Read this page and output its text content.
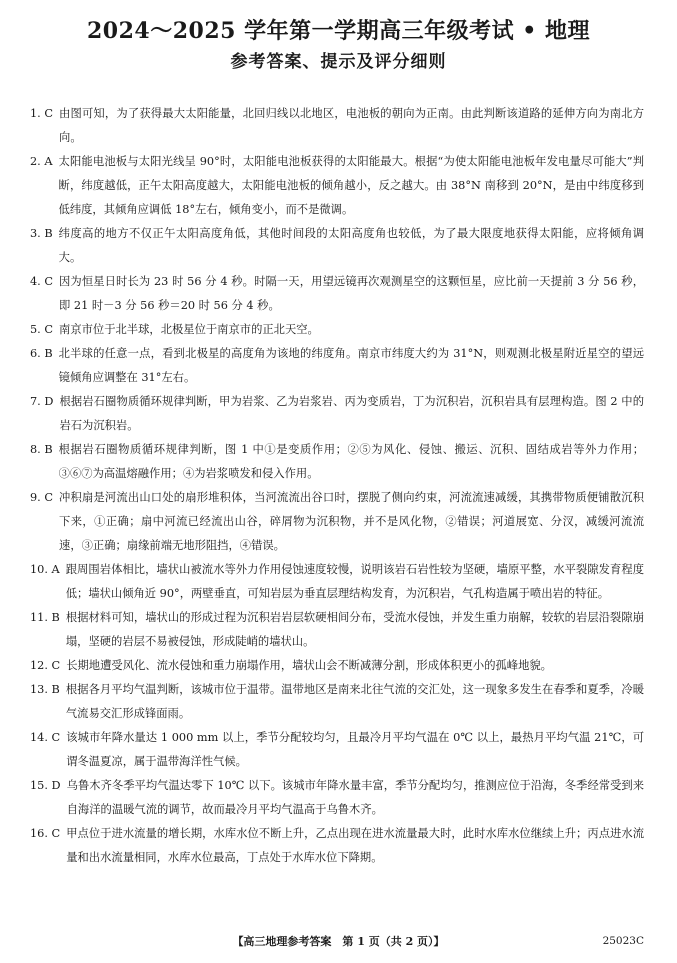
2024～2025 学年第一学期高三年级考试 • 地理
参考答案、提示及评分细则
1. C 由图可知，为了获得最大太阳能量，北回归线以北地区，电池板的朝向为正南。由此判断该道路的延伸方向为南北方向。
2. A 太阳能电池板与太阳光线呈 90°时，太阳能电池板获得的太阳能最大。根据“为使太阳能电池板年发电量尽可能大”判断，纬度越低，正午太阳高度越大，太阳能电池板的倾角越小，反之越大。由 38°N 南移到 20°N，是由中纬度移到低纬度，其倾角应调低 18°左右，倾角变小，而不是微调。
3. B 纬度高的地方不仅正午太阳高度角低，其他时间段的太阳高度角也较低，为了最大限度地获得太阳能，应将倾角调大。
4. C 因为恒星日时长为 23 时 56 分 4 秒。时隔一天，用望远镜再次观测星空的这颗恒星，应比前一天提前 3 分 56 秒，即 21 时－3 分 56 秒＝20 时 56 分 4 秒。
5. C 南京市位于北半球，北极星位于南京市的正北天空。
6. B 北半球的任意一点，看到北极星的高度角为该地的纬度角。南京市纬度大约为 31°N，则观测北极星附近星空的望远镜倾角应调整在 31°左右。
7. D 根据岩石圈物质循环规律判断，甲为岩浆、乙为岩浆岩、丙为变质岩，丁为沉积岩，沉积岩具有层理构造。图 2 中的岩石为沉积岩。
8. B 根据岩石圈物质循环规律判断，图 1 中①是变质作用；②⑤为风化、侵蚀、搬运、沉积、固结成岩等外力作用；③⑥⑦为高温熔融作用；④为岩浆喷发和侵入作用。
9. C 冲积扇是河流出山口处的扇形堆积体，当河流流出谷口时，摆脱了侧向约束，河流流速减缓，其携带物质便铺散沉积下来，①正确；扇中河流已经流出山谷，碎屑物为沉积物，并不是风化物，②错误；河道展宽、分汊，减缓河流流速，③正确；扇缘前端无地形阻挡，④错误。
10. A 跟周围岩体相比，墙状山被流水等外力作用侵蚀速度较慢，说明该岩石岩性较为坚硬，墙原平整，水平裂隙发育程度低；墙状山倾角近 90°，两壁垂直，可知岩层为垂直层理结构发育，为沉积岩，气孔构造属于喷出岩的特征。
11. B 根据材料可知，墙状山的形成过程为沉积岩岩层软硬相间分布，受流水侵蚀，并发生重力崩解，较软的岩层沿裂隙崩塌，坚硬的岩层不易被侵蚀，形成陡峭的墙状山。
12. C 长期地遭受风化、流水侵蚀和重力崩塌作用，墙状山会不断减薄分割，形成体积更小的孤峰地貌。
13. B 根据各月平均气温判断，该城市位于温带。温带地区是南来北往气流的交汇处，这一现象多发生在春季和夏季，冷暖气流易交汇形成锋面雨。
14. C 该城市年降水量达 1 000 mm 以上，季节分配较均匀，且最冷月平均气温在 0℃ 以上，最热月平均气温 21℃，可谓冬温夏凉，属于温带海洋性气候。
15. D 乌鲁木齐冬季平均气温达零下 10℃ 以下。该城市年降水量丰富，季节分配均匀，推测应位于沿海，冬季经常受到来自海洋的温暖气流的调节，故而最冷月平均气温高于乌鲁木齐。
16. C 甲点位于进水流量的增长期，水库水位不断上升，乙点出现在进水流量最大时，此时水库水位继续上升；丙点进水流量和出水流量相同，水库水位最高，丁点处于水库水位下降期。
【高三地理参考答案　第 1 页（共 2 页）】	25023C
